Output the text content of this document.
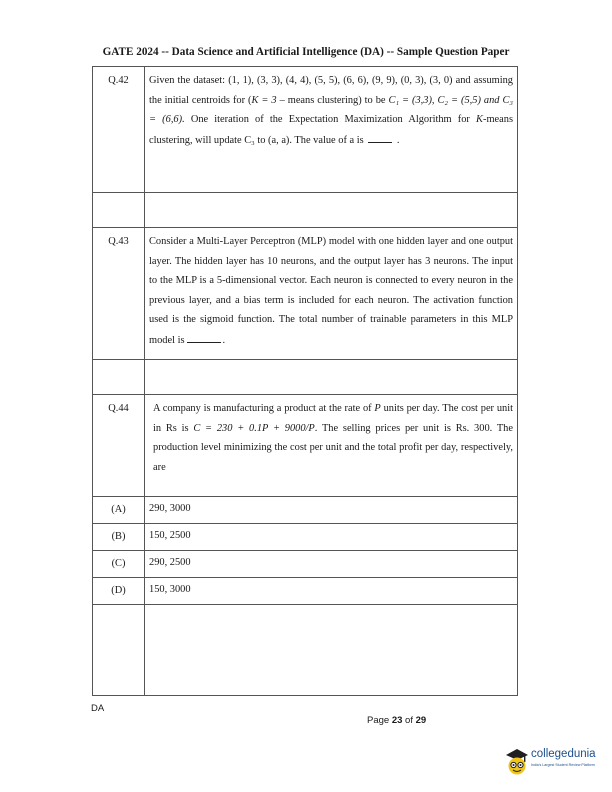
GATE 2024 -- Data Science and Artificial Intelligence (DA) -- Sample Question Paper
Q.42	Given the dataset: (1, 1), (3, 3), (4, 4), (5, 5), (6, 6), (9, 9), (0, 3), (3, 0) and assuming the initial centroids for (K = 3 – means clustering) to be C₁ = (3,3), C₂ = (5,5) and C₃ = (6,6). One iteration of the Expectation Maximization Algorithm for K-means clustering, will update C₃ to (a, a). The value of a is .

Q.43	Consider a Multi-Layer Perceptron (MLP) model with one hidden layer and one output layer. The hidden layer has 10 neurons, and the output layer has 3 neurons. The input to the MLP is a 5-dimensional vector. Each neuron is connected to every neuron in the previous layer, and a bias term is included for each neuron. The activation function used is the sigmoid function. The total number of trainable parameters in this MLP model is .

Q.44	A company is manufacturing a product at the rate of P units per day. The cost per unit in Rs is C = 230 + 0.1P + 9000/P. The selling prices per unit is Rs. 300. The production level minimizing the cost per unit and the total profit per day, respectively, are
(A)	290, 3000
(B)	150, 2500
(C)	290, 2500
(D)	150, 3000

DA
Page 23 of 29
collegedunia
India's Largest Student Review Platform
